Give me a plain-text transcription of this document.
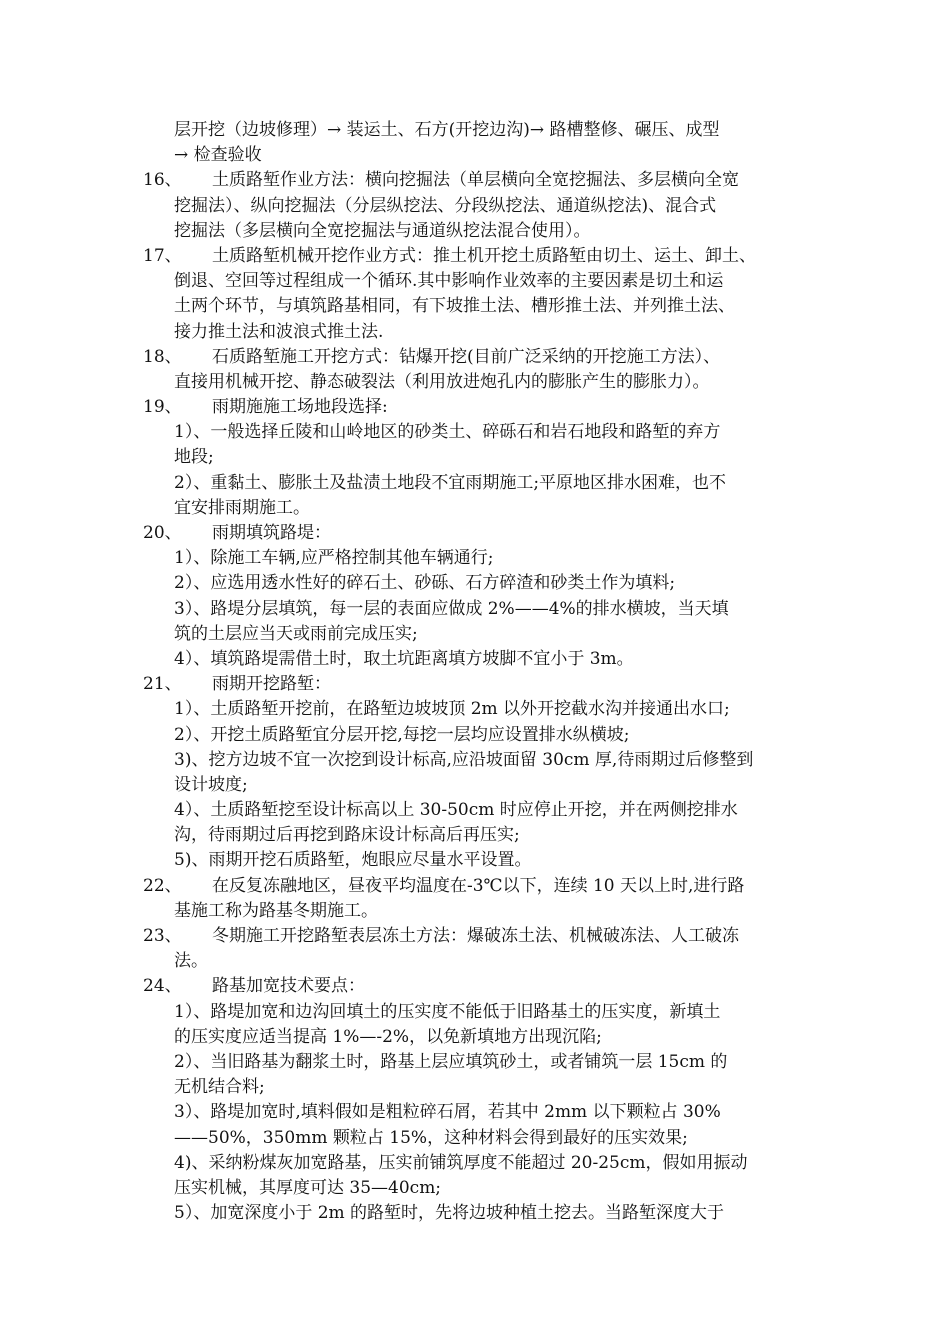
层开挖（边坡修理）→ 装运土、石方(开挖边沟)→ 路槽整修、碾压、成型
→ 检查验收
16、 土质路堑作业方法：横向挖掘法（单层横向全宽挖掘法、多层横向全宽
挖掘法）、纵向挖掘法（分层纵挖法、分段纵挖法、通道纵挖法)、混合式
挖掘法（多层横向全宽挖掘法与通道纵挖法混合使用）。
17、 土质路堑机械开挖作业方式：推土机开挖土质路堑由切土、运土、卸土、
倒退、空回等过程组成一个循环.其中影响作业效率的主要因素是切土和运
土两个环节，与填筑路基相同，有下坡推土法、槽形推土法、并列推土法、
接力推土法和波浪式推土法.
18、 石质路堑施工开挖方式：钻爆开挖(目前广泛采纳的开挖施工方法）、
直接用机械开挖、静态破裂法（利用放进炮孔内的膨胀产生的膨胀力）。
19、 雨期施施工场地段选择:
1）、一般选择丘陵和山岭地区的砂类土、碎砾石和岩石地段和路堑的弃方
地段;
2）、重黏土、膨胀土及盐渍土地段不宜雨期施工;平原地区排水困难，也不
宜安排雨期施工。
20、 雨期填筑路堤：
1）、除施工车辆,应严格控制其他车辆通行;
2）、应选用透水性好的碎石土、砂砾、石方碎渣和砂类土作为填料;
3）、路堤分层填筑，每一层的表面应做成 2%——4%的排水横坡，当天填
筑的土层应当天或雨前完成压实;
4）、填筑路堤需借土时，取土坑距离填方坡脚不宜小于 3m。
21、 雨期开挖路堑：
1）、土质路堑开挖前，在路堑边坡坡顶 2m 以外开挖截水沟并接通出水口;
2）、开挖土质路堑宜分层开挖,每挖一层均应设置排水纵横坡;
3)、挖方边坡不宜一次挖到设计标高,应沿坡面留 30cm 厚,待雨期过后修整到
设计坡度;
4）、土质路堑挖至设计标高以上 30-50cm 时应停止开挖，并在两侧挖排水
沟，待雨期过后再挖到路床设计标高后再压实;
5)、雨期开挖石质路堑，炮眼应尽量水平设置。
22、 在反复冻融地区，昼夜平均温度在-3℃以下，连续 10 天以上时,进行路
基施工称为路基冬期施工。
23、 冬期施工开挖路堑表层冻土方法：爆破冻土法、机械破冻法、人工破冻
法。
24、 路基加宽技术要点：
1）、路堤加宽和边沟回填土的压实度不能低于旧路基土的压实度，新填土
的压实度应适当提高 1%—-2%，以免新填地方出现沉陷;
2）、当旧路基为翻浆土时，路基上层应填筑砂土，或者铺筑一层 15cm 的
无机结合料;
3）、路堤加宽时,填料假如是粗粒碎石屑，若其中 2mm 以下颗粒占 30%
——50%，350mm 颗粒占 15%，这种材料会得到最好的压实效果;
4)、采纳粉煤灰加宽路基，压实前铺筑厚度不能超过 20-25cm，假如用振动
压实机械，其厚度可达 35—40cm;
5）、加宽深度小于 2m 的路堑时，先将边坡种植土挖去。当路堑深度大于
